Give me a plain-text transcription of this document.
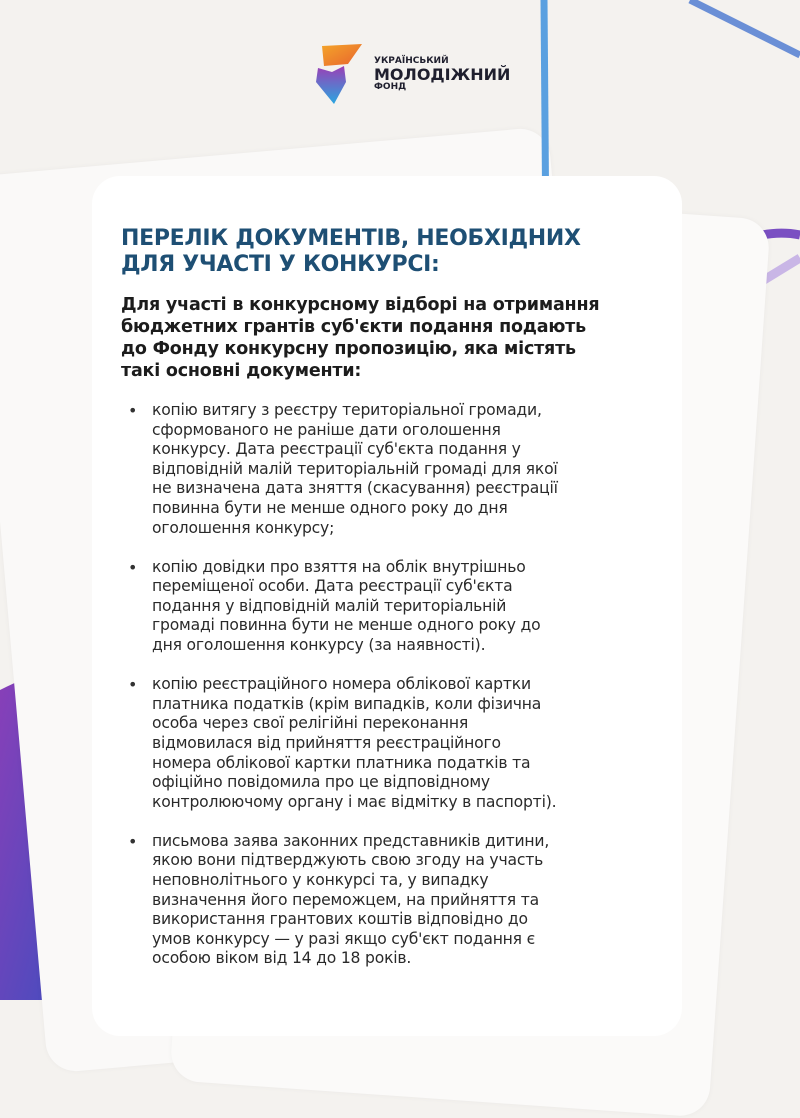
УКРАЇНСЬКИЙ
МОЛОДІЖНИЙ
ФОНД
ПЕРЕЛІК ДОКУМЕНТІВ, НЕОБХІДНИХ
ДЛЯ УЧАСТІ У КОНКУРСІ:
Для участі в конкурсному відборі на отримання
бюджетних грантів суб'єкти подання подають
до Фонду конкурсну пропозицію, яка містять
такі основні документи:
• копію витягу з реєстру територіальної громади,
сформованого не раніше дати оголошення
конкурсу. Дата реєстрації суб'єкта подання у
відповідній малій територіальній громаді для якої
не визначена дата зняття (скасування) реєстрації
повинна бути не менше одного року до дня
оголошення конкурсу;
• копію довідки про взяття на облік внутрішньо
переміщеної особи. Дата реєстрації суб'єкта
подання у відповідній малій територіальній
громаді повинна бути не менше одного року до
дня оголошення конкурсу (за наявності).
• копію реєстраційного номера облікової картки
платника податків (крім випадків, коли фізична
особа через свої релігійні переконання
відмовилася від прийняття реєстраційного
номера облікової картки платника податків та
офіційно повідомила про це відповідному
контролюючому органу і має відмітку в паспорті).
• письмова заява законних представників дитини,
якою вони підтверджують свою згоду на участь
неповнолітнього у конкурсі та, у випадку
визначення його переможцем, на прийняття та
використання грантових коштів відповідно до
умов конкурсу — у разі якщо суб'єкт подання є
особою віком від 14 до 18 років.
